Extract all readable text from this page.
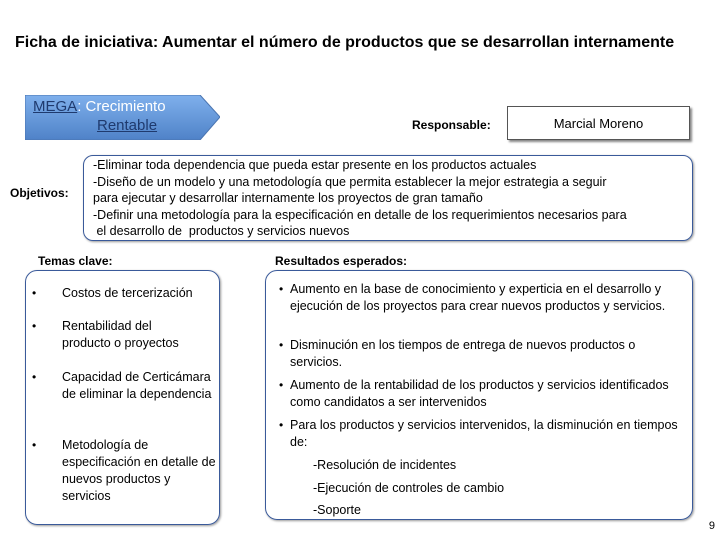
Ficha de iniciativa: Aumentar el número de productos que se desarrollan internamente
MEGA: Crecimiento
Rentable	Responsable:	Marcial Moreno
Objetivos:

-Eliminar toda dependencia que pueda estar presente en los productos actuales

-Diseño de un modelo y una metodología que permita establecer la mejor estrategia a seguir

para ejecutar y desarrollar internamente los proyectos de gran tamaño

-Definir una metodología para la especificación en detalle de los requerimientos necesarios para

el desarrollo de  productos y servicios nuevos

Temas clave:	Resultados esperados:
• Costos de tercerización
• Rentabilidad del producto o proyectos
• Capacidad de Certicámara de eliminar la dependencia
• Metodología de especificación en detalle de nuevos productos y servicios
• Aumento en la base de conocimiento y experticia en el desarrollo y ejecución de los proyectos para crear nuevos productos y servicios.
• Disminución en los tiempos de entrega de nuevos productos o servicios.
• Aumento de la rentabilidad de los productos y servicios identificados como candidatos a ser intervenidos
• Para los productos y servicios intervenidos, la disminución en tiempos de:
-Resolución de incidentes
-Ejecución de controles de cambio
-Soporte
9
